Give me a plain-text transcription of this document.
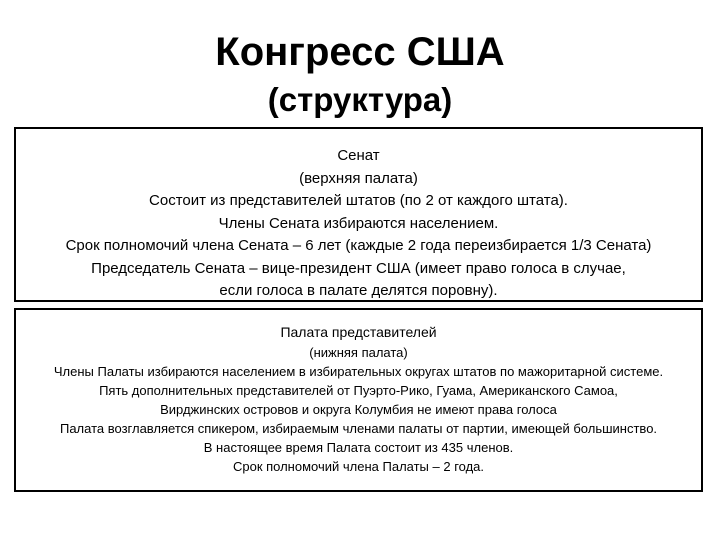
Конгресс США
(структура)
Сенат
(верхняя палата)
Состоит из представителей штатов (по 2 от каждого штата).
Члены Сената избираются населением.
Срок полномочий члена Сената – 6 лет (каждые 2 года переизбирается 1/3 Сената)
Председатель Сената – вице-президент США (имеет право голоса в случае,
если голоса в палате делятся поровну).
Палата представителей
(нижняя палата)
Члены Палаты избираются населением в избирательных округах штатов по мажоритарной системе.
Пять дополнительных представителей от Пуэрто-Рико, Гуама, Американского Самоа,
Вирджинских островов и округа Колумбия не имеют права голоса
Палата возглавляется спикером, избираемым членами палаты от партии, имеющей большинство.
В настоящее время Палата состоит из 435 членов.
Срок полномочий члена Палаты – 2 года.
